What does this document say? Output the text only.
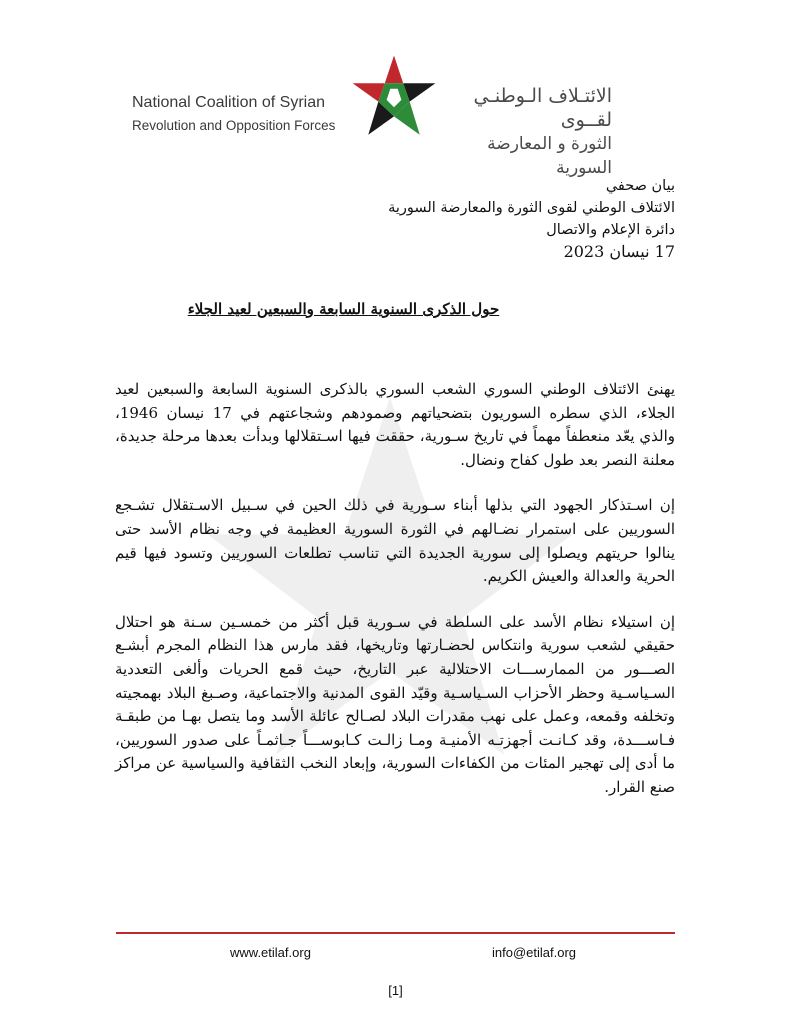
National Coalition of Syrian
Revolution and Opposition Forces
الائتـلاف الـوطنـي لقــوى
الثورة و المعارضة السورية
بيان صحفي
الائتلاف الوطني لقوى الثورة والمعارضة السورية
دائرة الإعلام والاتصال
17 نيسان 2023
حول الذكرى السنوية السابعة والسبعين لعيد الجلاء

يهنئ الائتلاف الوطني السوري الشعب السوري بالذكرى السنوية السابعة والسبعين لعيد الجلاء، الذي سطره السوريون بتضحياتهم وصمودهم وشجاعتهم في 17 نيسان 1946، والذي يعّد منعطفاً مهماً في تاريخ سـورية، حققت فيها اسـتقلالها وبدأت بعدها مرحلة جديدة، معلنة النصر بعد طول كفاح ونضال.

إن اسـتذكار الجهود التي بذلها أبناء سـورية في ذلك الحين في سـبيل الاسـتقلال تشـجع السوريين على استمرار نضـالهم في الثورة السورية العظيمة في وجه نظام الأسد حتى ينالوا حريتهم ويصلوا إلى سورية الجديدة التي تناسب تطلعات السوريين وتسود فيها قيم الحرية والعدالة والعيش الكريم.

إن استيلاء نظام الأسد على السلطة في سـورية قبل أكثر من خمسـين سـنة هو احتلال حقيقي لشعب سورية وانتكاس لحضـارتها وتاريخها، فقد مارس هذا النظام المجرم أبشـع الصـــور من الممارســـات الاحتلالية عبر التاريخ، حيث قمع الحريات وألغى التعددية السـياسـية وحظر الأحزاب السـياسـية وقيّد القوى المدنية والاجتماعية، وصـبغ البلاد بهمجيته وتخلفه وقمعه، وعمل على نهب مقدرات البلاد لصـالح عائلة الأسد وما يتصل بهـا من طبقـة فـاســـدة، وقد كـانـت أجهزتـه الأمنيـة ومـا زالـت كـابوســـاً جـاثمـاً على صدور السوريين، ما أدى إلى تهجير المئات من الكفاءات السورية، وإبعاد النخب الثقافية والسياسية عن مراكز صنع القرار.

www.etilaf.org	info@etilaf.org
[1]
